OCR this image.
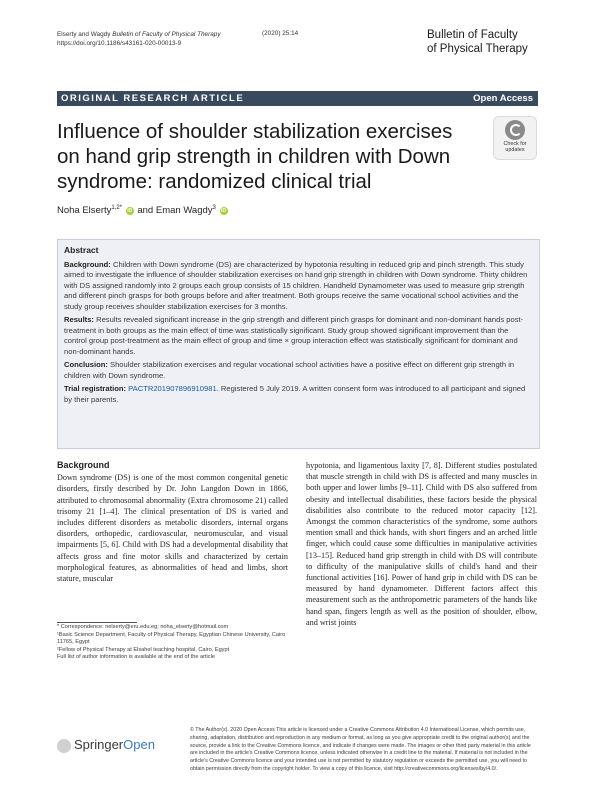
Elserty and Wagdy Bulletin of Faculty of Physical Therapy
https://doi.org/10.1186/s43161-020-00013-9
(2020) 25:14	Bulletin of Faculty
of Physical Therapy
ORIGINAL RESEARCH ARTICLE	Open Access
Influence of shoulder stabilization exercises on hand grip strength in children with Down syndrome: randomized clinical trial
Check for
updates
Noha Elserty$^{1,2*}$ iD and Eman Wagdy$^3$ iD
Abstract

Background: Children with Down syndrome (DS) are characterized by hypotonia resulting in reduced grip and pinch strength. This study aimed to investigate the influence of shoulder stabilization exercises on hand grip strength in children with Down syndrome. Thirty children with DS assigned randomly into 2 groups each group consists of 15 children. Handheld Dynamometer was used to measure grip strength and different pinch grasps for both groups before and after treatment. Both groups receive the same vocational school activities and the study group receives shoulder stabilization exercises for 3 months.

Results: Results revealed significant increase in the grip strength and different pinch grasps for dominant and non-dominant hands post-treatment in both groups as the main effect of time was statistically significant. Study group showed significant improvement than the control group post-treatment as the main effect of group and time × group interaction effect was statistically significant for dominant and non-dominant hands.

Conclusion: Shoulder stabilization exercises and regular vocational school activities have a positive effect on different grip strength in children with Down syndrome.

Trial registration: PACTR201907896910981. Registered 5 July 2019. A written consent form was introduced to all participant and signed by their parents.

Background

Down syndrome (DS) is one of the most common congenital genetic disorders, firstly described by Dr. John Langdon Down in 1866, attributed to chromosomal abnormality (Extra chromosome 21) called trisomy 21 [1–4]. The clinical presentation of DS is varied and includes different disorders as metabolic disorders, internal organs disorders, orthopedic, cardiovascular, neuromuscular, and visual impairments [5, 6]. Child with DS had a developmental disability that affects gross and fine motor skills and characterized by certain morphological features, as abnormalities of head and limbs, short stature, muscular

hypotonia, and ligamentous laxity [7, 8]. Different studies postulated that muscle strength in child with DS is affected and many muscles in both upper and lower limbs [9–11]. Child with DS also suffered from obesity and intellectual disabilities, these factors beside the physical disabilities also contribute to the reduced motor capacity [12]. Amongst the common characteristics of the syndrome, some authors mention small and thick hands, with short fingers and an arched little finger, which could cause some difficulties in manipulative activities [13–15]. Reduced hand grip strength in child with DS will contribute to difficulty of the manipulative skills of child's hand and their functional activities [16]. Power of hand grip in child with DS can be measured by hand dynamometer. Different factors affect this measurement such as the anthropometric parameters of the hands like hand span, fingers length as well as the position of shoulder, elbow, and wrist joints

* Correspondence: nelserty@eru.edu.eg; noha_elserty@hotmail.com

¹Basic Science Department, Faculty of Physical Therapy, Egyptian Chinese University, Cairo 11765, Egypt

²Fellow of Physical Therapy at Elsahel teaching hospital, Cairo, Egypt

Full list of author information is available at the end of the article

SpringerOpen
© The Author(s). 2020 Open Access This article is licensed under a Creative Commons Attribution 4.0 International License, which permits use, sharing, adaptation, distribution and reproduction in any medium or format, as long as you give appropriate credit to the original author(s) and the source, provide a link to the Creative Commons licence, and indicate if changes were made. The images or other third party material in this article are included in the article's Creative Commons licence, unless indicated otherwise in a credit line to the material. If material is not included in the article's Creative Commons licence and your intended use is not permitted by statutory regulation or exceeds the permitted use, you will need to obtain permission directly from the copyright holder. To view a copy of this licence, visit http://creativecommons.org/licenses/by/4.0/.
